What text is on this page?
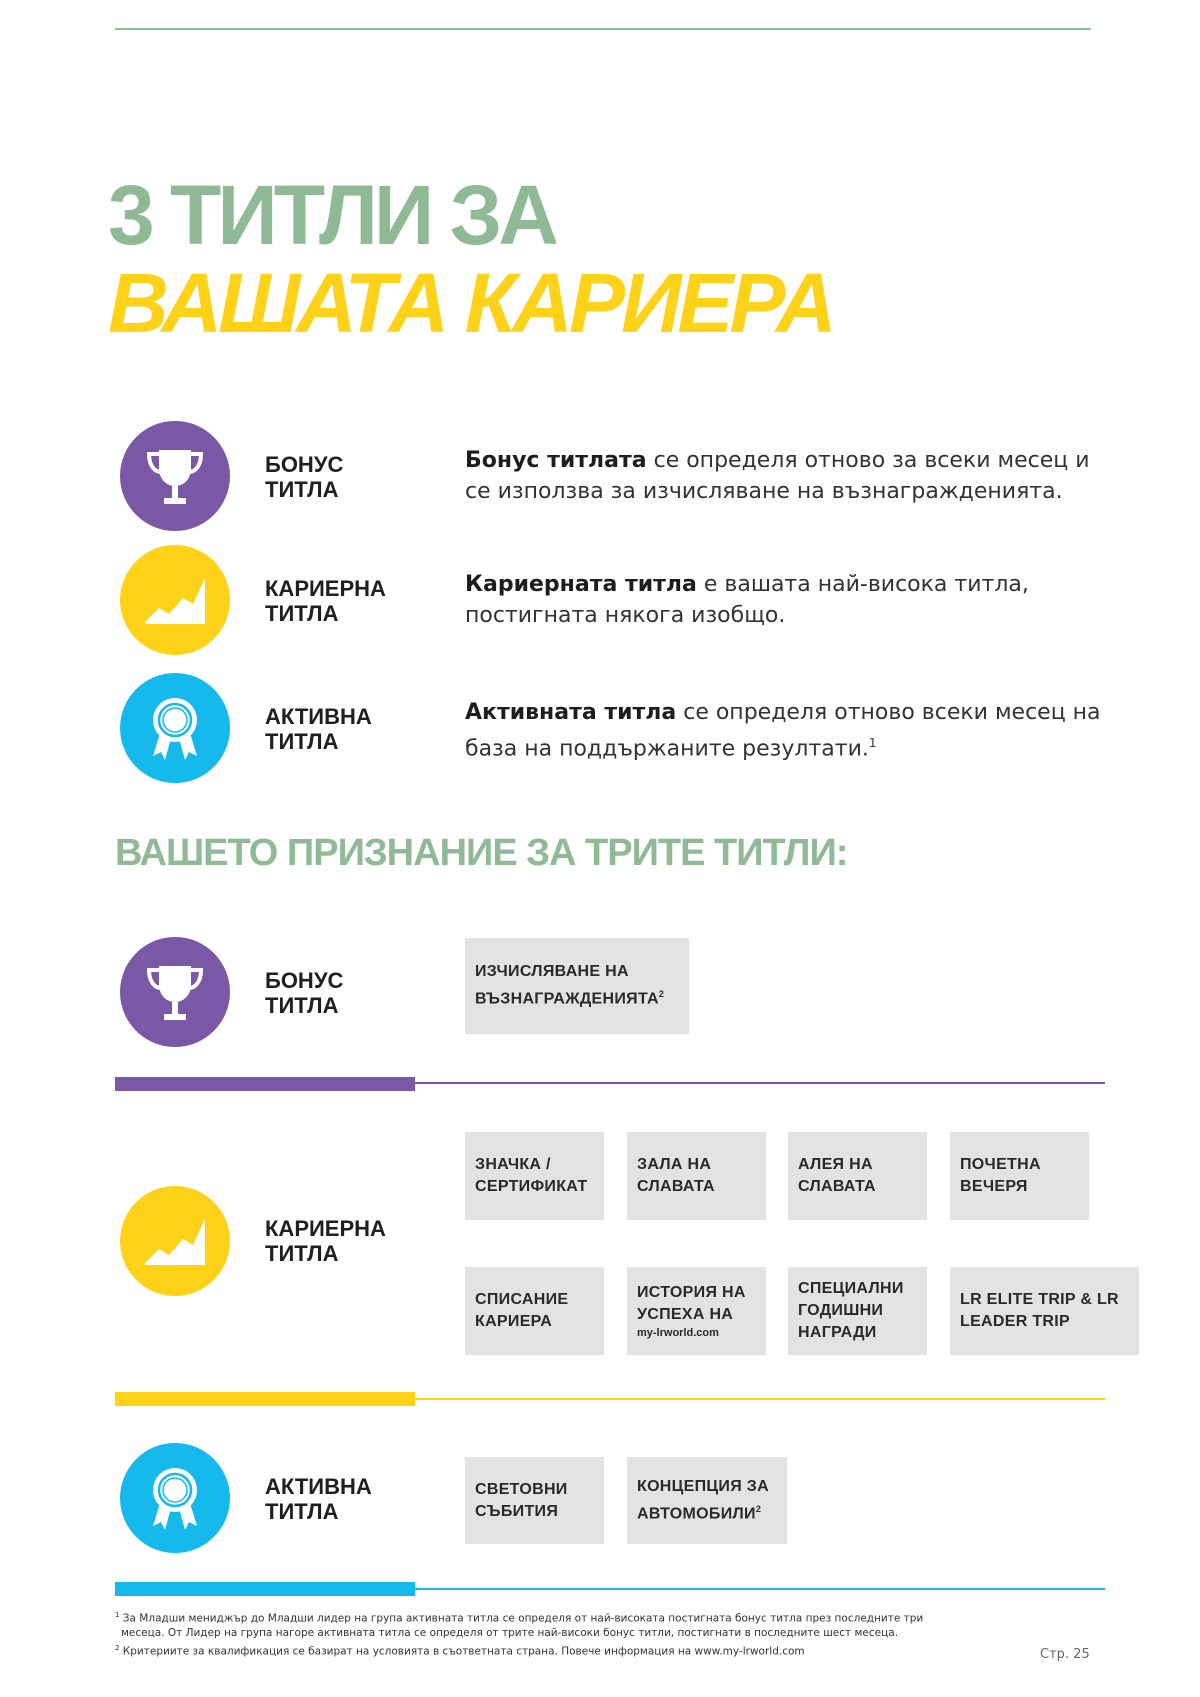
3 ТИТЛИ ЗА
ВАШАТА КАРИЕРА
БОНУС
ТИТЛА
Бонус титлата се определя отново за всеки месец и се използва за изчисляване на възнагражденията.
КАРИЕРНА
ТИТЛА
Кариерната титла е вашата най-висока титла, постигната някога изобщо.
АКТИВНА
ТИТЛА
Активната титла се определя отново всеки месец на база на поддържаните резултати.$^1$
ВАШЕТО ПРИЗНАНИЕ ЗА ТРИТЕ ТИТЛИ:
БОНУС
ТИТЛА
ИЗЧИСЛЯВАНЕ НА
ВЪЗНАГРАЖДЕНИЯТА$^2$
КАРИЕРНА
ТИТЛА
ЗНАЧКА /
СЕРТИФИКАТ
ЗАЛА НА
СЛАВАТА
АЛЕЯ НА
СЛАВАТА
ПОЧЕТНА
ВЕЧЕРЯ
СПИСАНИЕ
КАРИЕРА
ИСТОРИЯ НА
УСПЕХА НА
my-lrworld.com
СПЕЦИАЛНИ
ГОДИШНИ
НАГРАДИ
LR ELITE TRIP & LR
LEADER TRIP
АКТИВНА
ТИТЛА
СВЕТОВНИ
СЪБИТИЯ
КОНЦЕПЦИЯ ЗА
АВТОМОБИЛИ$^2$

$^1$ За Младши мениджър до Младши лидер на група активната титла се определя от най-високата постигната бонус титла през последните три

месеца. От Лидер на група нагоре активната титла се определя от трите най-високи бонус титли, постигнати в последните шест месеца.

$^2$ Критериите за квалификация се базират на условията в съответната страна. Повече информация на www.my-lrworld.com	Стр. 25
